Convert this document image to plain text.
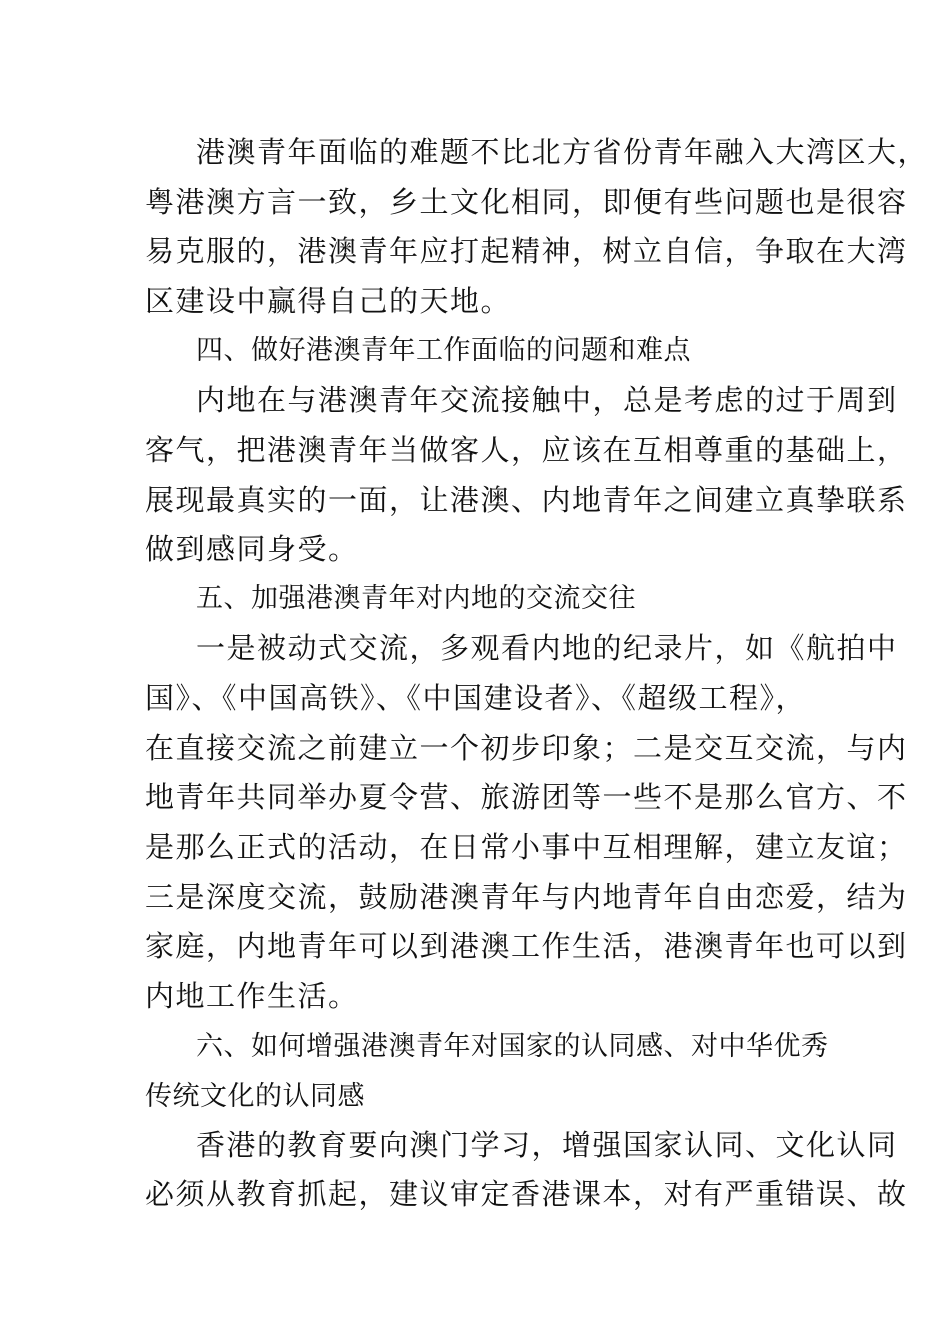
港澳青年面临的难题不比北方省份青年融入大湾区大，
粤港澳方言一致，乡土文化相同，即便有些问题也是很容
易克服的，港澳青年应打起精神，树立自信，争取在大湾
区建设中赢得自己的天地。
四、做好港澳青年工作面临的问题和难点
内地在与港澳青年交流接触中，总是考虑的过于周到
客气，把港澳青年当做客人，应该在互相尊重的基础上，
展现最真实的一面，让港澳、内地青年之间建立真挚联系
做到感同身受。
五、加强港澳青年对内地的交流交往
一是被动式交流，多观看内地的纪录片，如《航拍中
国》、《中国高铁》、《中国建设者》、《超级工程》，
在直接交流之前建立一个初步印象；二是交互交流，与内
地青年共同举办夏令营、旅游团等一些不是那么官方、不
是那么正式的活动，在日常小事中互相理解，建立友谊；
三是深度交流，鼓励港澳青年与内地青年自由恋爱，结为
家庭，内地青年可以到港澳工作生活，港澳青年也可以到
内地工作生活。
六、如何增强港澳青年对国家的认同感、对中华优秀
传统文化的认同感
香港的教育要向澳门学习，增强国家认同、文化认同
必须从教育抓起，建议审定香港课本，对有严重错误、故
